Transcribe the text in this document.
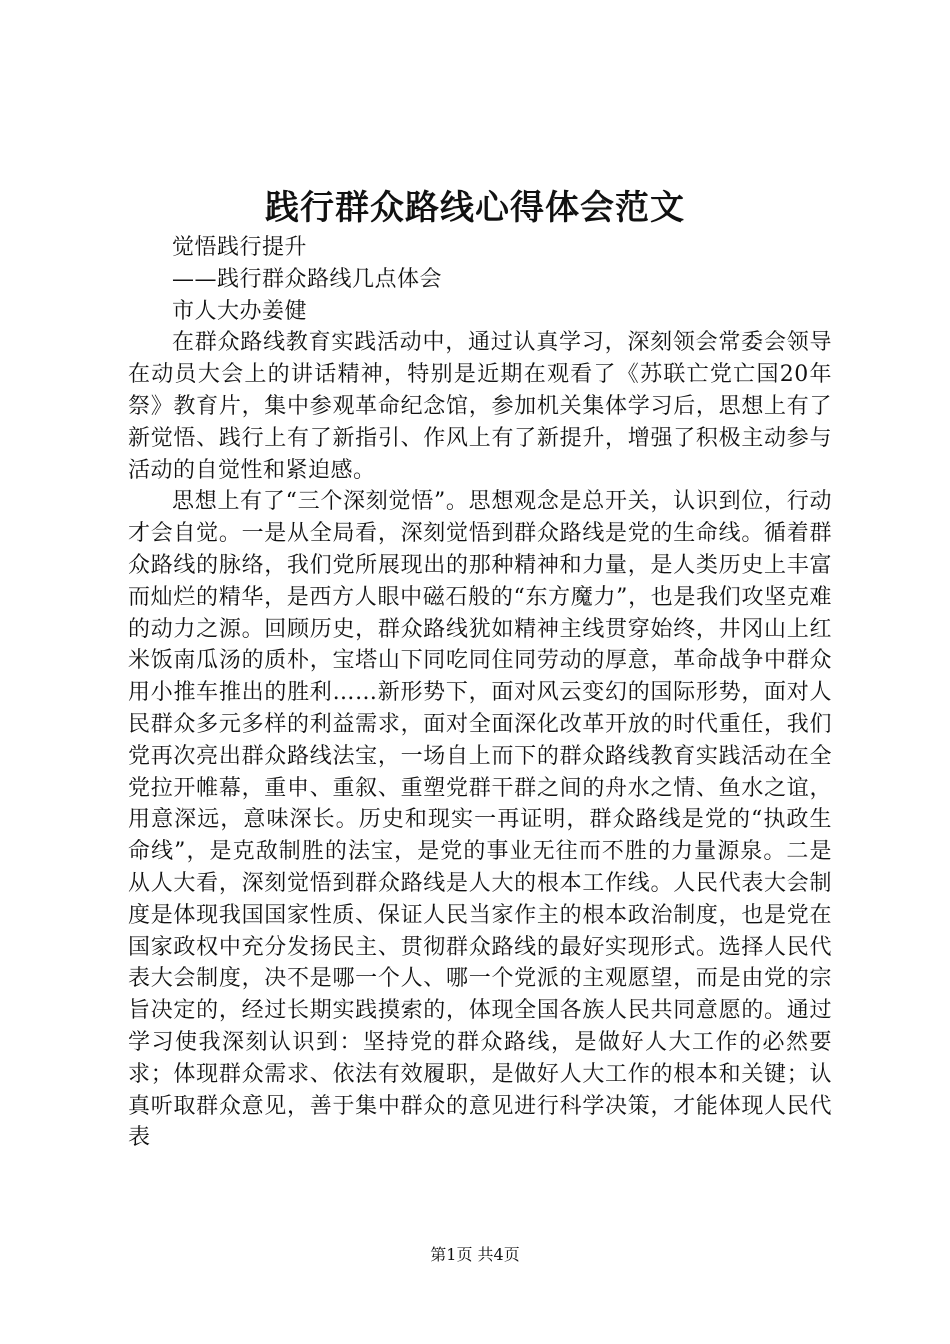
践行群众路线心得体会范文

觉悟践行提升

——践行群众路线几点体会

市人大办姜健

在群众路线教育实践活动中，通过认真学习，深刻领会常委会领导在动员大会上的讲话精神，特别是近期在观看了《苏联亡党亡国20年祭》教育片，集中参观革命纪念馆，参加机关集体学习后，思想上有了新觉悟、践行上有了新指引、作风上有了新提升，增强了积极主动参与活动的自觉性和紧迫感。

思想上有了“三个深刻觉悟”。思想观念是总开关，认识到位，行动才会自觉。一是从全局看，深刻觉悟到群众路线是党的生命线。循着群众路线的脉络，我们党所展现出的那种精神和力量，是人类历史上丰富而灿烂的精华，是西方人眼中磁石般的“东方魔力”，也是我们攻坚克难的动力之源。回顾历史，群众路线犹如精神主线贯穿始终，井冈山上红米饭南瓜汤的质朴，宝塔山下同吃同住同劳动的厚意，革命战争中群众用小推车推出的胜利……新形势下，面对风云变幻的国际形势，面对人民群众多元多样的利益需求，面对全面深化改革开放的时代重任，我们党再次亮出群众路线法宝，一场自上而下的群众路线教育实践活动在全党拉开帷幕，重申、重叙、重塑党群干群之间的舟水之情、鱼水之谊，用意深远，意味深长。历史和现实一再证明，群众路线是党的“执政生命线”，是克敌制胜的法宝，是党的事业无往而不胜的力量源泉。二是从人大看，深刻觉悟到群众路线是人大的根本工作线。人民代表大会制度是体现我国国家性质、保证人民当家作主的根本政治制度，也是党在国家政权中充分发扬民主、贯彻群众路线的最好实现形式。选择人民代表大会制度，决不是哪一个人、哪一个党派的主观愿望，而是由党的宗旨决定的，经过长期实践摸索的，体现全国各族人民共同意愿的。通过学习使我深刻认识到：坚持党的群众路线，是做好人大工作的必然要求；体现群众需求、依法有效履职，是做好人大工作的根本和关键；认真听取群众意见，善于集中群众的意见进行科学决策，才能体现人民代表

第1页 共4页
